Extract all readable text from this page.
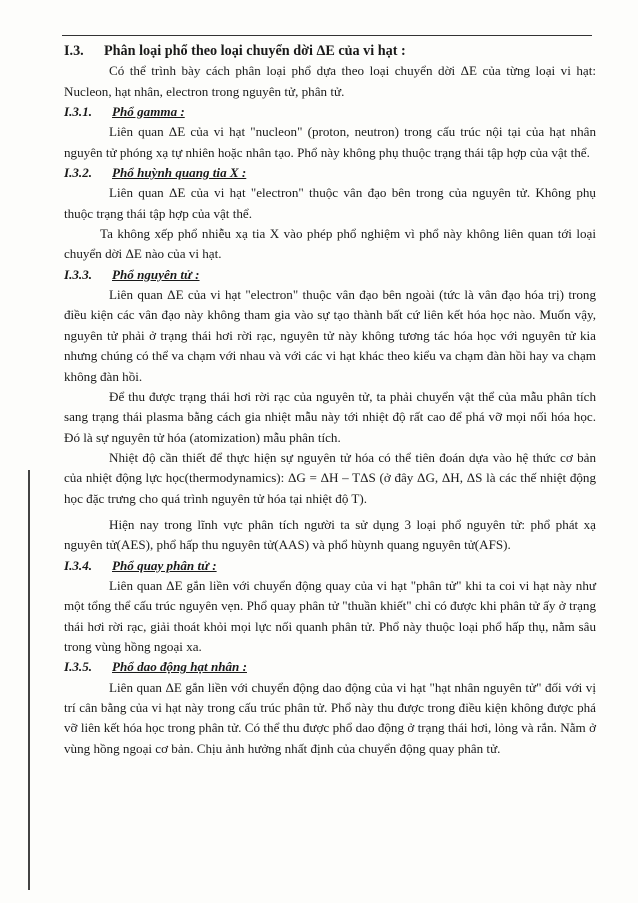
I.3. Phân loại phổ theo loại chuyển dời ΔE của vi hạt :

Có thể trình bày cách phân loại phổ dựa theo loại chuyển dời ΔE của từng loại vi hạt: Nucleon, hạt nhân, electron trong nguyên tử, phân tử.

I.3.1. Phổ gamma :

Liên quan ΔE của vi hạt "nucleon" (proton, neutron) trong cấu trúc nội tại của hạt nhân nguyên tử phóng xạ tự nhiên hoặc nhân tạo. Phổ này không phụ thuộc trạng thái tập hợp của vật thể.

I.3.2. Phổ huỳnh quang tia X :

Liên quan ΔE của vi hạt "electron" thuộc vân đạo bên trong của nguyên tử. Không phụ thuộc trạng thái tập hợp của vật thể.

Ta không xếp phổ nhiễu xạ tia X vào phép phổ nghiệm vì phổ này không liên quan tới loại chuyển dời ΔE nào của vi hạt.

I.3.3. Phổ nguyên tử :

Liên quan ΔE của vi hạt "electron" thuộc vân đạo bên ngoài (tức là vân đạo hóa trị) trong điều kiện các vân đạo này không tham gia vào sự tạo thành bất cứ liên kết hóa học nào. Muốn vậy, nguyên tử phải ở trạng thái hơi rời rạc, nguyên tử này không tương tác hóa học với nguyên tử kia nhưng chúng có thể va chạm với nhau và với các vi hạt khác theo kiểu va chạm đàn hồi hay va chạm không đàn hồi.

Để thu được trạng thái hơi rời rạc của nguyên tử, ta phải chuyển vật thể của mẫu phân tích sang trạng thái plasma bằng cách gia nhiệt mẫu này tới nhiệt độ rất cao để phá vỡ mọi nối hóa học. Đó là sự nguyên tử hóa (atomization) mẫu phân tích.

Nhiệt độ cần thiết để thực hiện sự nguyên tử hóa có thể tiên đoán dựa vào hệ thức cơ bản của nhiệt động lực học(thermodynamics): ΔG = ΔH – TΔS (ở đây ΔG, ΔH, ΔS là các thế nhiệt động học đặc trưng cho quá trình nguyên tử hóa tại nhiệt độ T).

Hiện nay trong lĩnh vực phân tích người ta sử dụng 3 loại phổ nguyên tử: phổ phát xạ nguyên tử(AES), phổ hấp thu nguyên tử(AAS) và phổ hùynh quang nguyên tử(AFS).

I.3.4. Phổ quay phân tử :

Liên quan ΔE gắn liền với chuyển động quay của vi hạt "phân tử" khi ta coi vi hạt này như một tổng thể cấu trúc nguyên vẹn. Phổ quay phân tử "thuần khiết" chỉ có được khi phân tử ấy ở trạng thái hơi rời rạc, giải thoát khỏi mọi lực nối quanh phân tử. Phổ này thuộc loại phổ hấp thụ, nằm sâu trong vùng hồng ngoại xa.

I.3.5. Phổ dao động hạt nhân :

Liên quan ΔE gắn liền với chuyển động dao động của vi hạt "hạt nhân nguyên tử" đối với vị trí cân bằng của vi hạt này trong cấu trúc phân tử. Phổ này thu được trong điều kiện không được phá vỡ liên kết hóa học trong phân tử. Có thể thu được phổ dao động ở trạng thái hơi, lỏng và rắn. Nằm ở vùng hồng ngoại cơ bản. Chịu ảnh hưởng nhất định của chuyển động quay phân tử.
